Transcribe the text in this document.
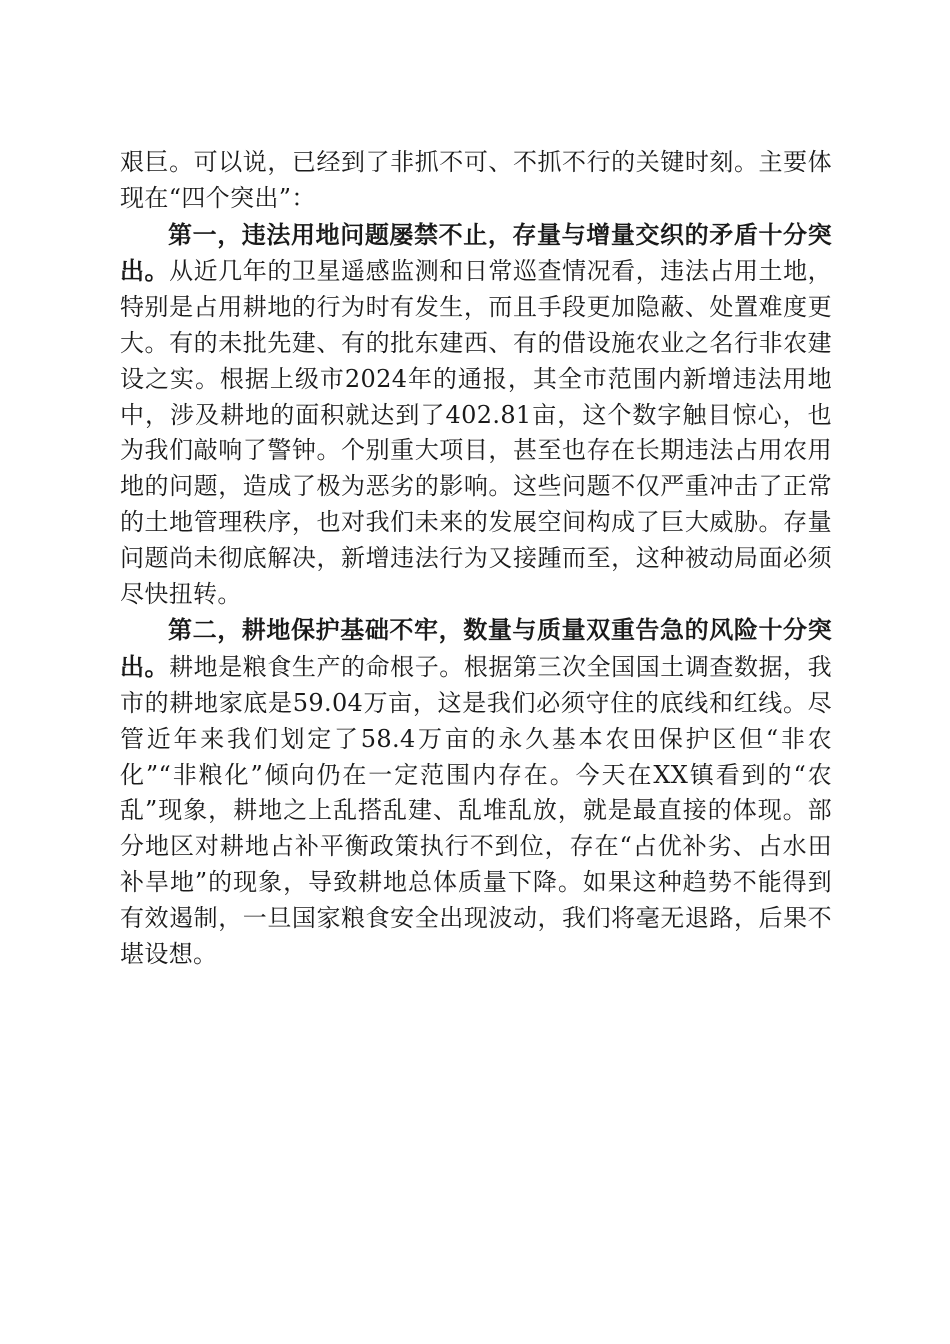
艰巨。可以说，已经到了非抓不可、不抓不行的关键时刻。主要体现在“四个突出”：

第一，违法用地问题屡禁不止，存量与增量交织的矛盾十分突出。从近几年的卫星遥感监测和日常巡查情况看，违法占用土地，特别是占用耕地的行为时有发生，而且手段更加隐蔽、处置难度更大。有的未批先建、有的批东建西、有的借设施农业之名行非农建设之实。根据上级市2024年的通报，其全市范围内新增违法用地中，涉及耕地的面积就达到了402.81亩，这个数字触目惊心，也为我们敲响了警钟。个别重大项目，甚至也存在长期违法占用农用地的问题，造成了极为恶劣的影响。这些问题不仅严重冲击了正常的土地管理秩序，也对我们未来的发展空间构成了巨大威胁。存量问题尚未彻底解决，新增违法行为又接踵而至，这种被动局面必须尽快扭转。

第二，耕地保护基础不牢，数量与质量双重告急的风险十分突出。耕地是粮食生产的命根子。根据第三次全国国土调查数据，我市的耕地家底是59.04万亩，这是我们必须守住的底线和红线。尽管近年来我们划定了58.4万亩的永久基本农田保护区但“非农化”“非粮化”倾向仍在一定范围内存在。今天在XX镇看到的“农乱”现象，耕地之上乱搭乱建、乱堆乱放，就是最直接的体现。部分地区对耕地占补平衡政策执行不到位，存在“占优补劣、占水田补旱地”的现象，导致耕地总体质量下降。如果这种趋势不能得到有效遏制，一旦国家粮食安全出现波动，我们将毫无退路，后果不堪设想。
